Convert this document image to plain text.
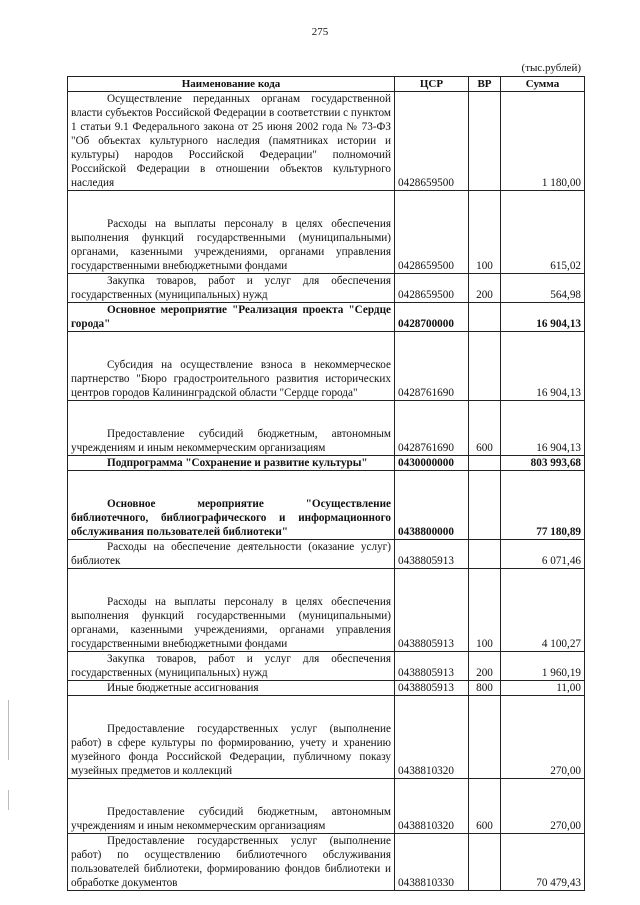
275
(тыс.рублей)
Наименование кода	ЦСР	ВР	Сумма
Осуществление переданных органам государственной власти субъектов Российской Федерации в соответствии с пунктом 1 статьи 9.1 Федерального закона от 25 июня 2002 года № 73-ФЗ "Об объектах культурного наследия (памятниках истории и культуры) народов Российской Федерации" полномочий Российской Федерации в отношении объектов культурного наследия	0428659500		1 180,00
Расходы на выплаты персоналу в целях обеспечения выполнения функций государственными (муниципальными) органами, казенными учреждениями, органами управления государственными внебюджетными фондами	0428659500	100	615,02
Закупка товаров, работ и услуг для обеспечения государственных (муниципальных) нужд	0428659500	200	564,98
Основное мероприятие "Реализация проекта "Сердце города"	0428700000		16 904,13
Субсидия на осуществление взноса в некоммерческое партнерство "Бюро градостроительного развития исторических центров городов Калининградской области "Сердце города"	0428761690		16 904,13
Предоставление субсидий бюджетным, автономным учреждениям и иным некоммерческим организациям	0428761690	600	16 904,13
Подпрограмма "Сохранение и развитие культуры"	0430000000		803 993,68
Основное мероприятие "Осуществление библиотечного, библиографического и информационного обслуживания пользователей библиотеки"	0438800000		77 180,89
Расходы на обеспечение деятельности (оказание услуг) библиотек	0438805913		6 071,46
Расходы на выплаты персоналу в целях обеспечения выполнения функций государственными (муниципальными) органами, казенными учреждениями, органами управления государственными внебюджетными фондами	0438805913	100	4 100,27
Закупка товаров, работ и услуг для обеспечения государственных (муниципальных) нужд	0438805913	200	1 960,19
Иные бюджетные ассигнования	0438805913	800	11,00
Предоставление государственных услуг (выполнение работ) в сфере культуры по формированию, учету и хранению музейного фонда Российской Федерации, публичному показу музейных предметов и коллекций	0438810320		270,00
Предоставление субсидий бюджетным, автономным учреждениям и иным некоммерческим организациям	0438810320	600	270,00
Предоставление государственных услуг (выполнение работ) по осуществлению библиотечного обслуживания пользователей библиотеки, формированию фондов библиотеки и обработке документов	0438810330		70 479,43
